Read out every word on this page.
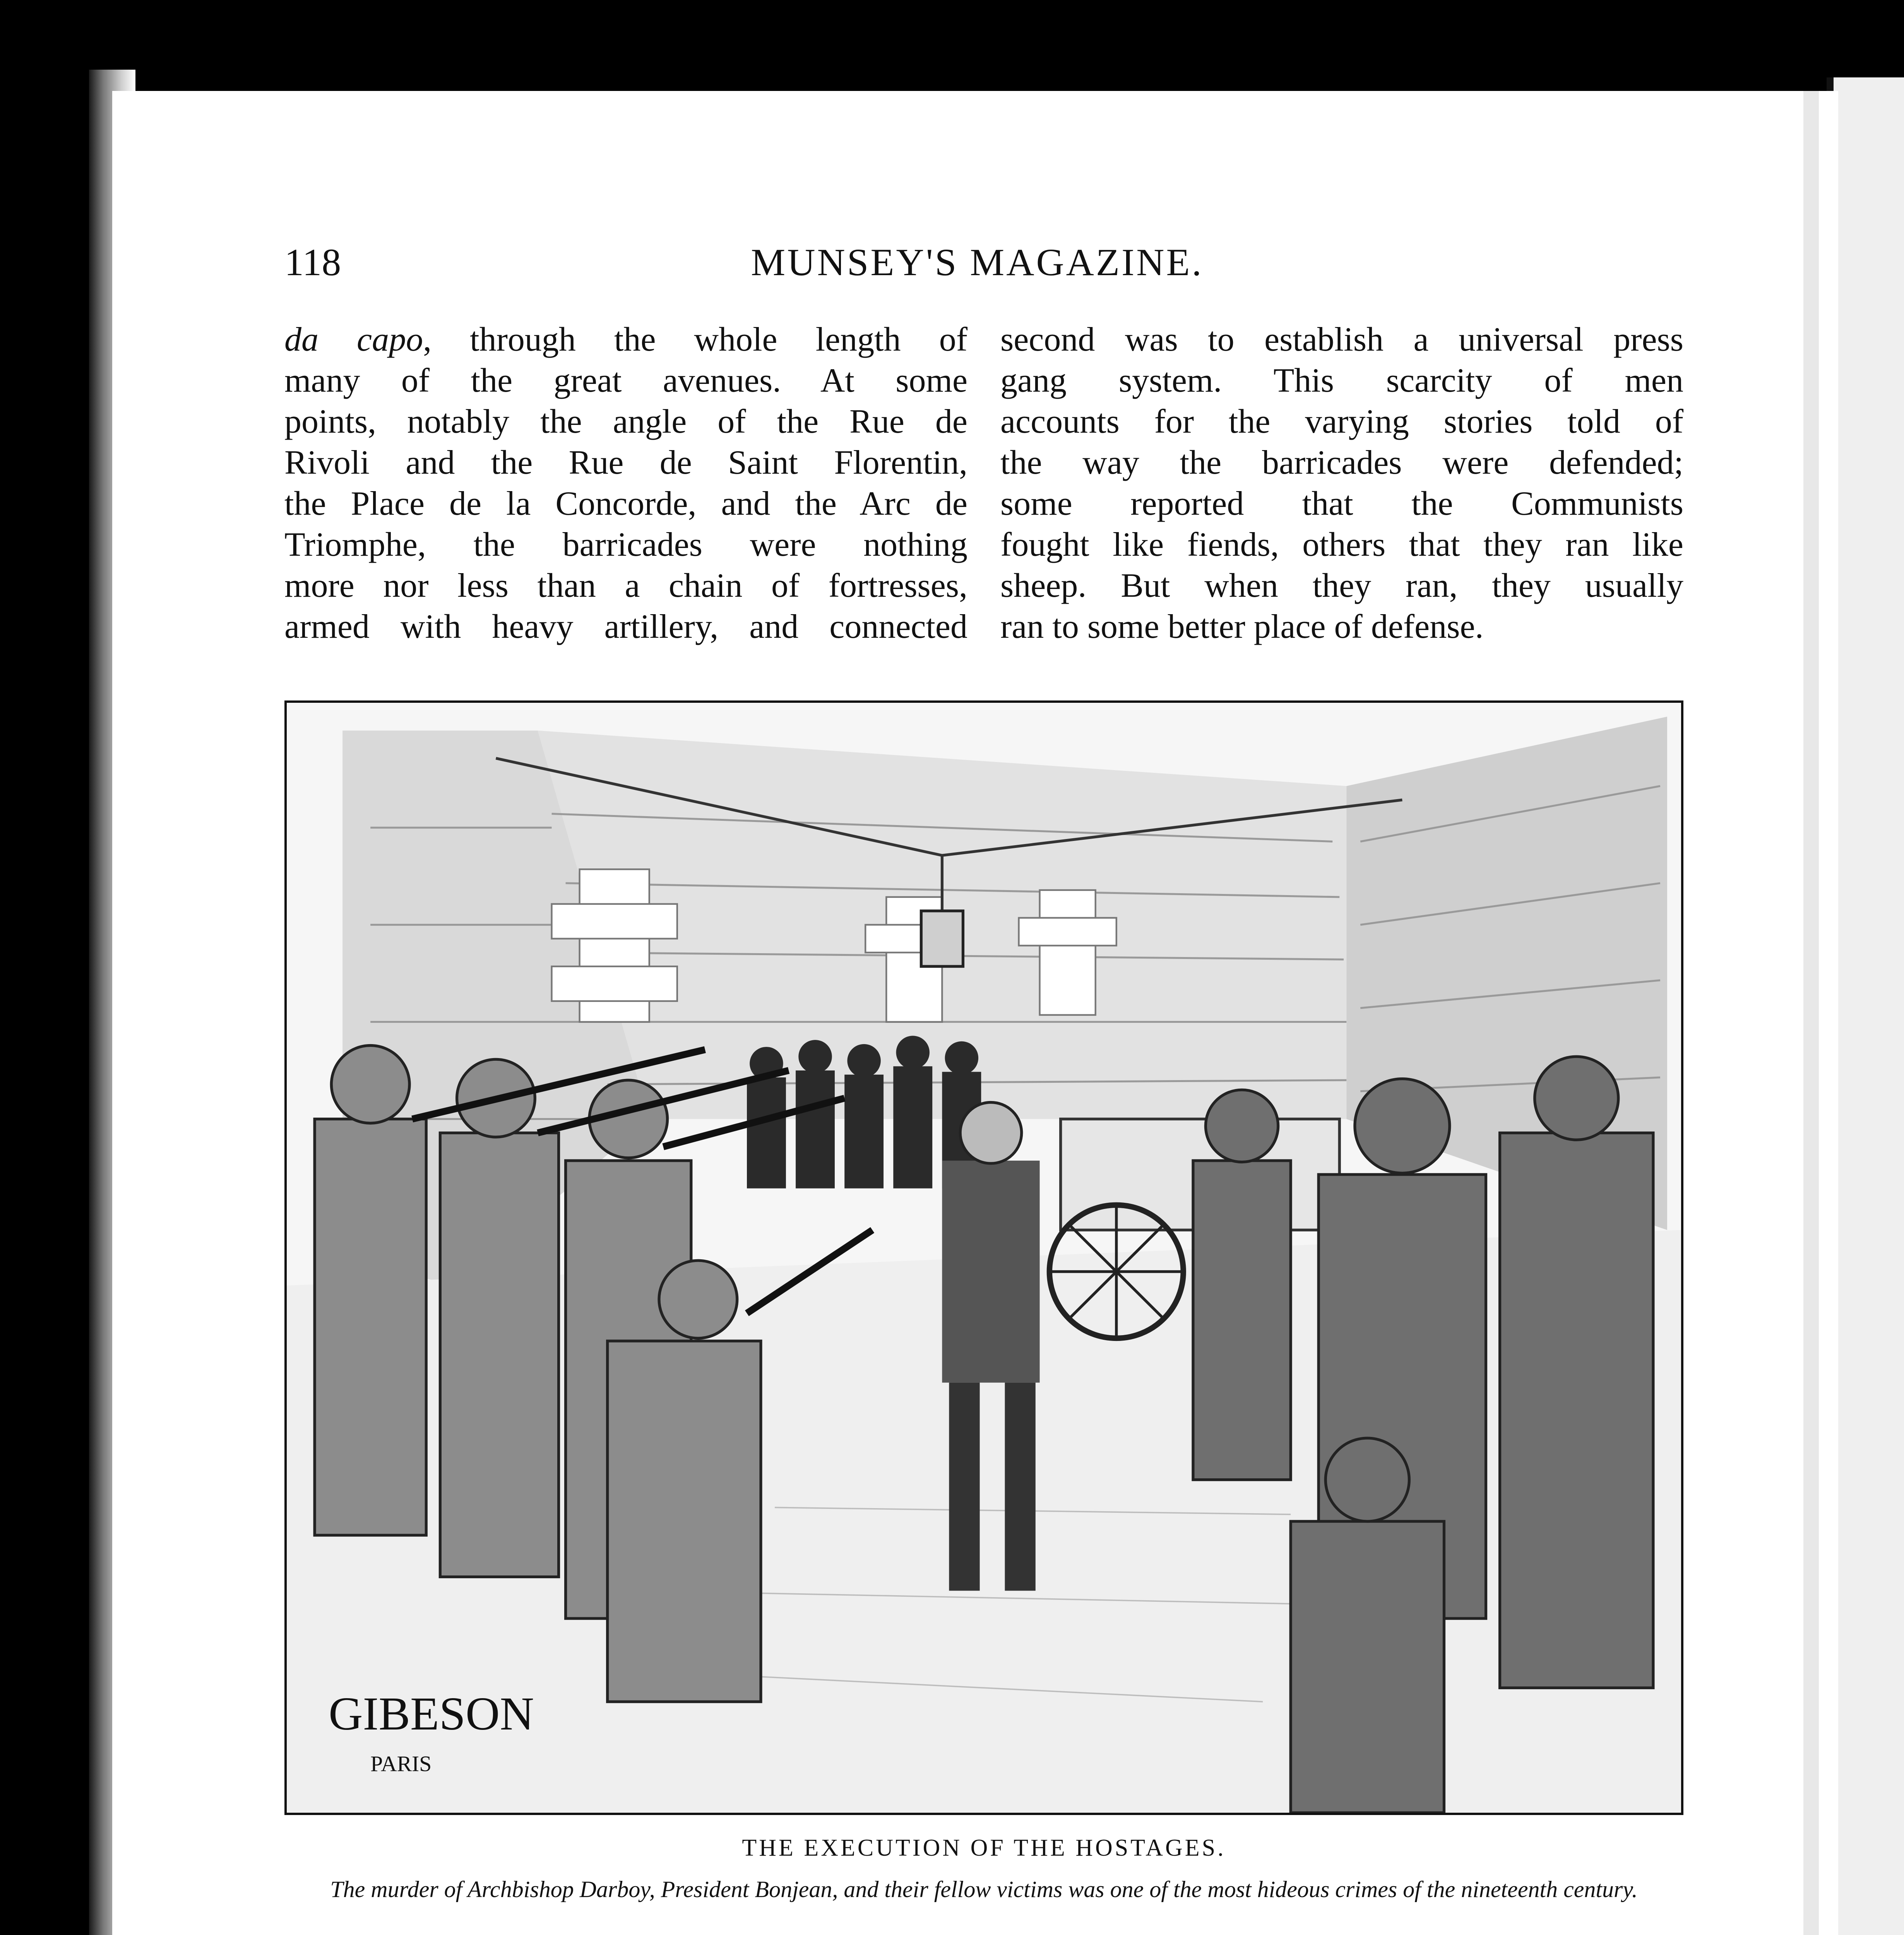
118	MUNSEY'S MAGAZINE.
da capo, through the whole length of
many of the great avenues. At some
points, notably the angle of the Rue de
Rivoli and the Rue de Saint Florentin,
the Place de la Concorde, and the Arc de
Triomphe, the barricades were nothing
more nor less than a chain of fortresses,
armed with heavy artillery, and connected
second was to establish a universal press
gang system. This scarcity of men
accounts for the varying stories told of
the way the barricades were defended;
some reported that the Communists
fought like fiends, others that they ran like
sheep. But when they ran, they usually
ran to some better place of defense.
GIBESON
PARIS
THE EXECUTION OF THE HOSTAGES.
The murder of Archbishop Darboy, President Bonjean, and their fellow victims was one of the most hideous crimes of the nineteenth century.
